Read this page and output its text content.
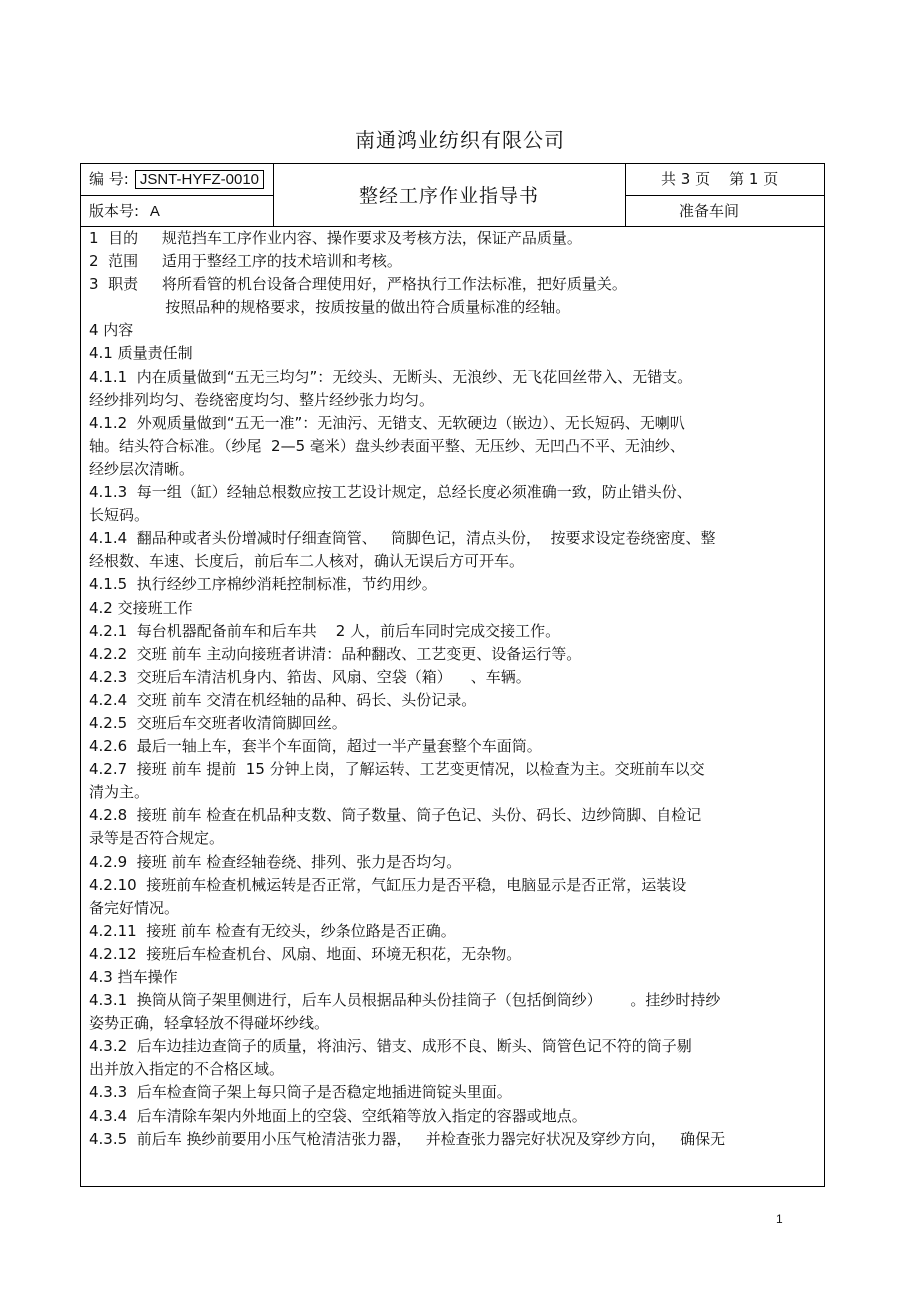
南通鸿业纺织有限公司
编 号: JSNT-HYFZ-0010
版本号: A
整经工序作业指导书
共 3 页    第 1 页
准备车间
1  目的     规范挡车工序作业内容、操作要求及考核方法，保证产品质量。
2  范围     适用于整经工序的技术培训和考核。
3  职责     将所看管的机台设备合理使用好，严格执行工作法标准，把好质量关。
按照品种的规格要求，按质按量的做出符合质量标准的经轴。
4 内容
4.1 质量责任制
4.1.1  内在质量做到“五无三均匀”：无绞头、无断头、无浪纱、无飞花回丝带入、无错支。
经纱排列均匀、卷绕密度均匀、整片经纱张力均匀。
4.1.2  外观质量做到“五无一准”：无油污、无错支、无软硬边（嵌边）、无长短码、无喇叭
轴。结头符合标准。（纱尾  2—5 毫米）盘头纱表面平整、无压纱、无凹凸不平、无油纱、
经纱层次清晰。
4.1.3  每一组（缸）经轴总根数应按工艺设计规定，总经长度必须准确一致，防止错头份、
长短码。
4.1.4  翻品种或者头份增减时仔细查筒管、   筒脚色记，清点头份，  按要求设定卷绕密度、整
经根数、车速、长度后，前后车二人核对，确认无误后方可开车。
4.1.5  执行经纱工序棉纱消耗控制标准，节约用纱。
4.2 交接班工作
4.2.1  每台机器配备前车和后车共    2 人，前后车同时完成交接工作。
4.2.2  交班 前车 主动向接班者讲清：品种翻改、工艺变更、设备运行等。
4.2.3  交班后车清洁机身内、筘齿、风扇、空袋（箱）    、车辆。
4.2.4  交班 前车 交清在机经轴的品种、码长、头份记录。
4.2.5  交班后车交班者收清筒脚回丝。
4.2.6  最后一轴上车，套半个车面筒，超过一半产量套整个车面筒。
4.2.7  接班 前车 提前  15 分钟上岗，了解运转、工艺变更情况，以检查为主。交班前车以交
清为主。
4.2.8  接班 前车 检查在机品种支数、筒子数量、筒子色记、头份、码长、边纱筒脚、自检记
录等是否符合规定。
4.2.9  接班 前车 检查经轴卷绕、排列、张力是否均匀。
4.2.10  接班前车检查机械运转是否正常，气缸压力是否平稳，电脑显示是否正常，运装设
备完好情况。
4.2.11  接班 前车 检查有无绞头，纱条位路是否正确。
4.2.12  接班后车检查机台、风扇、地面、环境无积花，无杂物。
4.3 挡车操作
4.3.1  换筒从筒子架里侧进行，后车人员根据品种头份挂筒子（包括倒筒纱）      。挂纱时持纱
姿势正确，轻拿轻放不得碰坏纱线。
4.3.2  后车边挂边查筒子的质量，将油污、错支、成形不良、断头、筒管色记不符的筒子剔
出并放入指定的不合格区域。
4.3.3  后车检查筒子架上每只筒子是否稳定地插进筒锭头里面。
4.3.4  后车清除车架内外地面上的空袋、空纸箱等放入指定的容器或地点。
4.3.5  前后车 换纱前要用小压气枪清洁张力器，   并检查张力器完好状况及穿纱方向，   确保无
1
